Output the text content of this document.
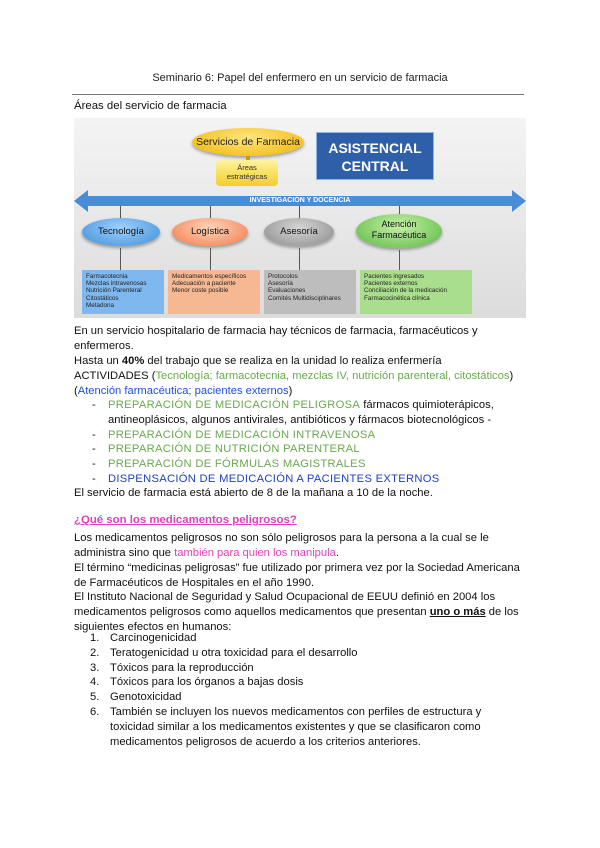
Seminario 6: Papel del enfermero en un servicio de farmacia
Áreas del servicio de farmacia
Servicios de Farmacia
Áreas estratégicas
ASISTENCIAL CENTRAL
INVESTIGACIÓN Y DOCENCIA
Tecnología	Logística	Asesoría
Atención Farmacéutica
Farmacotecnia
Mezclas intravenosas
Nutrición Parenteral
Citostáticos
Metadona
Medicamentos específicos
Adecuación a paciente
Menor coste posible
Protocolos
Asesoría
Evaluaciones
Comités Multidisciplinares
Pacientes ingresados
Pacientes externos
Conciliación de la medicación
Farmacocinética clínica
En un servicio hospitalario de farmacia hay técnicos de farmacia, farmacéuticos y enfermeros.
Hasta un 40% del trabajo que se realiza en la unidad lo realiza enfermería
ACTIVIDADES (Tecnología; farmacotecnia, mezclas IV, nutrición parenteral, citostáticos)(Atención farmacéutica; pacientes externos)
- PREPARACIÓN DE MEDICACIÓN PELIGROSA fármacos quimioterápicos, antineoplásicos, algunos antivirales, antibióticos y fármacos biotecnológicos -
- PREPARACIÓN DE MEDICACIÓN INTRAVENOSA
- PREPARACIÓN DE NUTRICIÓN PARENTERAL
- PREPARACIÓN DE FÓRMULAS MAGISTRALES
- DISPENSACIÓN DE MEDICACIÓN A PACIENTES EXTERNOS
El servicio de farmacia está abierto de 8 de la mañana a 10 de la noche.
¿Qué son los medicamentos peligrosos?
Los medicamentos peligrosos no son sólo peligrosos para la persona a la cual se le administra sino que también para quien los manipula.
El término “medicinas peligrosas” fue utilizado por primera vez por la Sociedad Americana de Farmacéuticos de Hospitales en el año 1990.
El Instituto Nacional de Seguridad y Salud Ocupacional de EEUU definió en 2004 los medicamentos peligrosos como aquellos medicamentos que presentan uno o más de los siguientes efectos en humanos:
1. Carcinogenicidad
2. Teratogenicidad u otra toxicidad para el desarrollo
3. Tóxicos para la reproducción
4. Tóxicos para los órganos a bajas dosis
5. Genotoxicidad
6. También se incluyen los nuevos medicamentos con perfiles de estructura y toxicidad similar a los medicamentos existentes y que se clasificaron como medicamentos peligrosos de acuerdo a los criterios anteriores.
